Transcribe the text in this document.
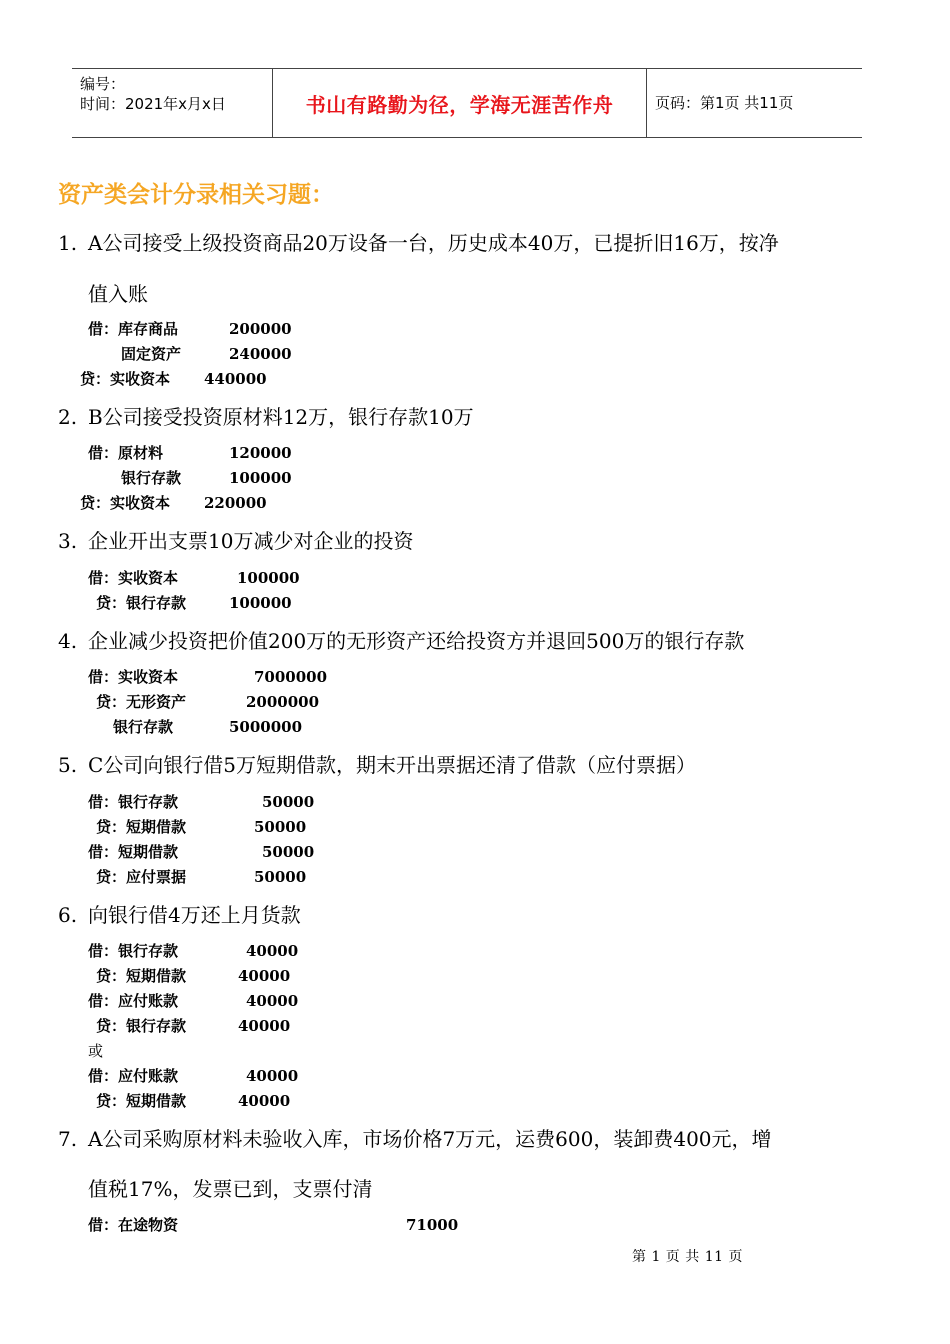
编号：
时间：2021年x月x日	书山有路勤为径，学海无涯苦作舟	页码：第1页 共11页
资产类会计分录相关习题：
1. A公司接受上级投资商品20万设备一台，历史成本40万，已提折旧16万，按净
值入账
借：库存商品	200000
固定资产	240000
贷：实收资本 440000
2. B公司接受投资原材料12万，银行存款10万
借：原材料	120000
银行存款	100000
贷：实收资本 220000
3. 企业开出支票10万减少对企业的投资
借：实收资本	100000
贷：银行存款	100000
4. 企业减少投资把价值200万的无形资产还给投资方并退回500万的银行存款
借：实收资本	7000000
贷：无形资产	2000000
银行存款	5000000
5. C公司向银行借5万短期借款，期末开出票据还清了借款（应付票据）
借：银行存款	50000
贷：短期借款	50000
借：短期借款	50000
贷：应付票据	50000
6. 向银行借4万还上月货款
借：银行存款	40000
贷：短期借款	40000
借：应付账款	40000
贷：银行存款	40000
或
借：应付账款	40000
贷：短期借款	40000
7. A公司采购原材料未验收入库，市场价格7万元，运费600，装卸费400元，增
值税17%，发票已到，支票付清
借：在途物资	71000
第 1 页 共 11 页
